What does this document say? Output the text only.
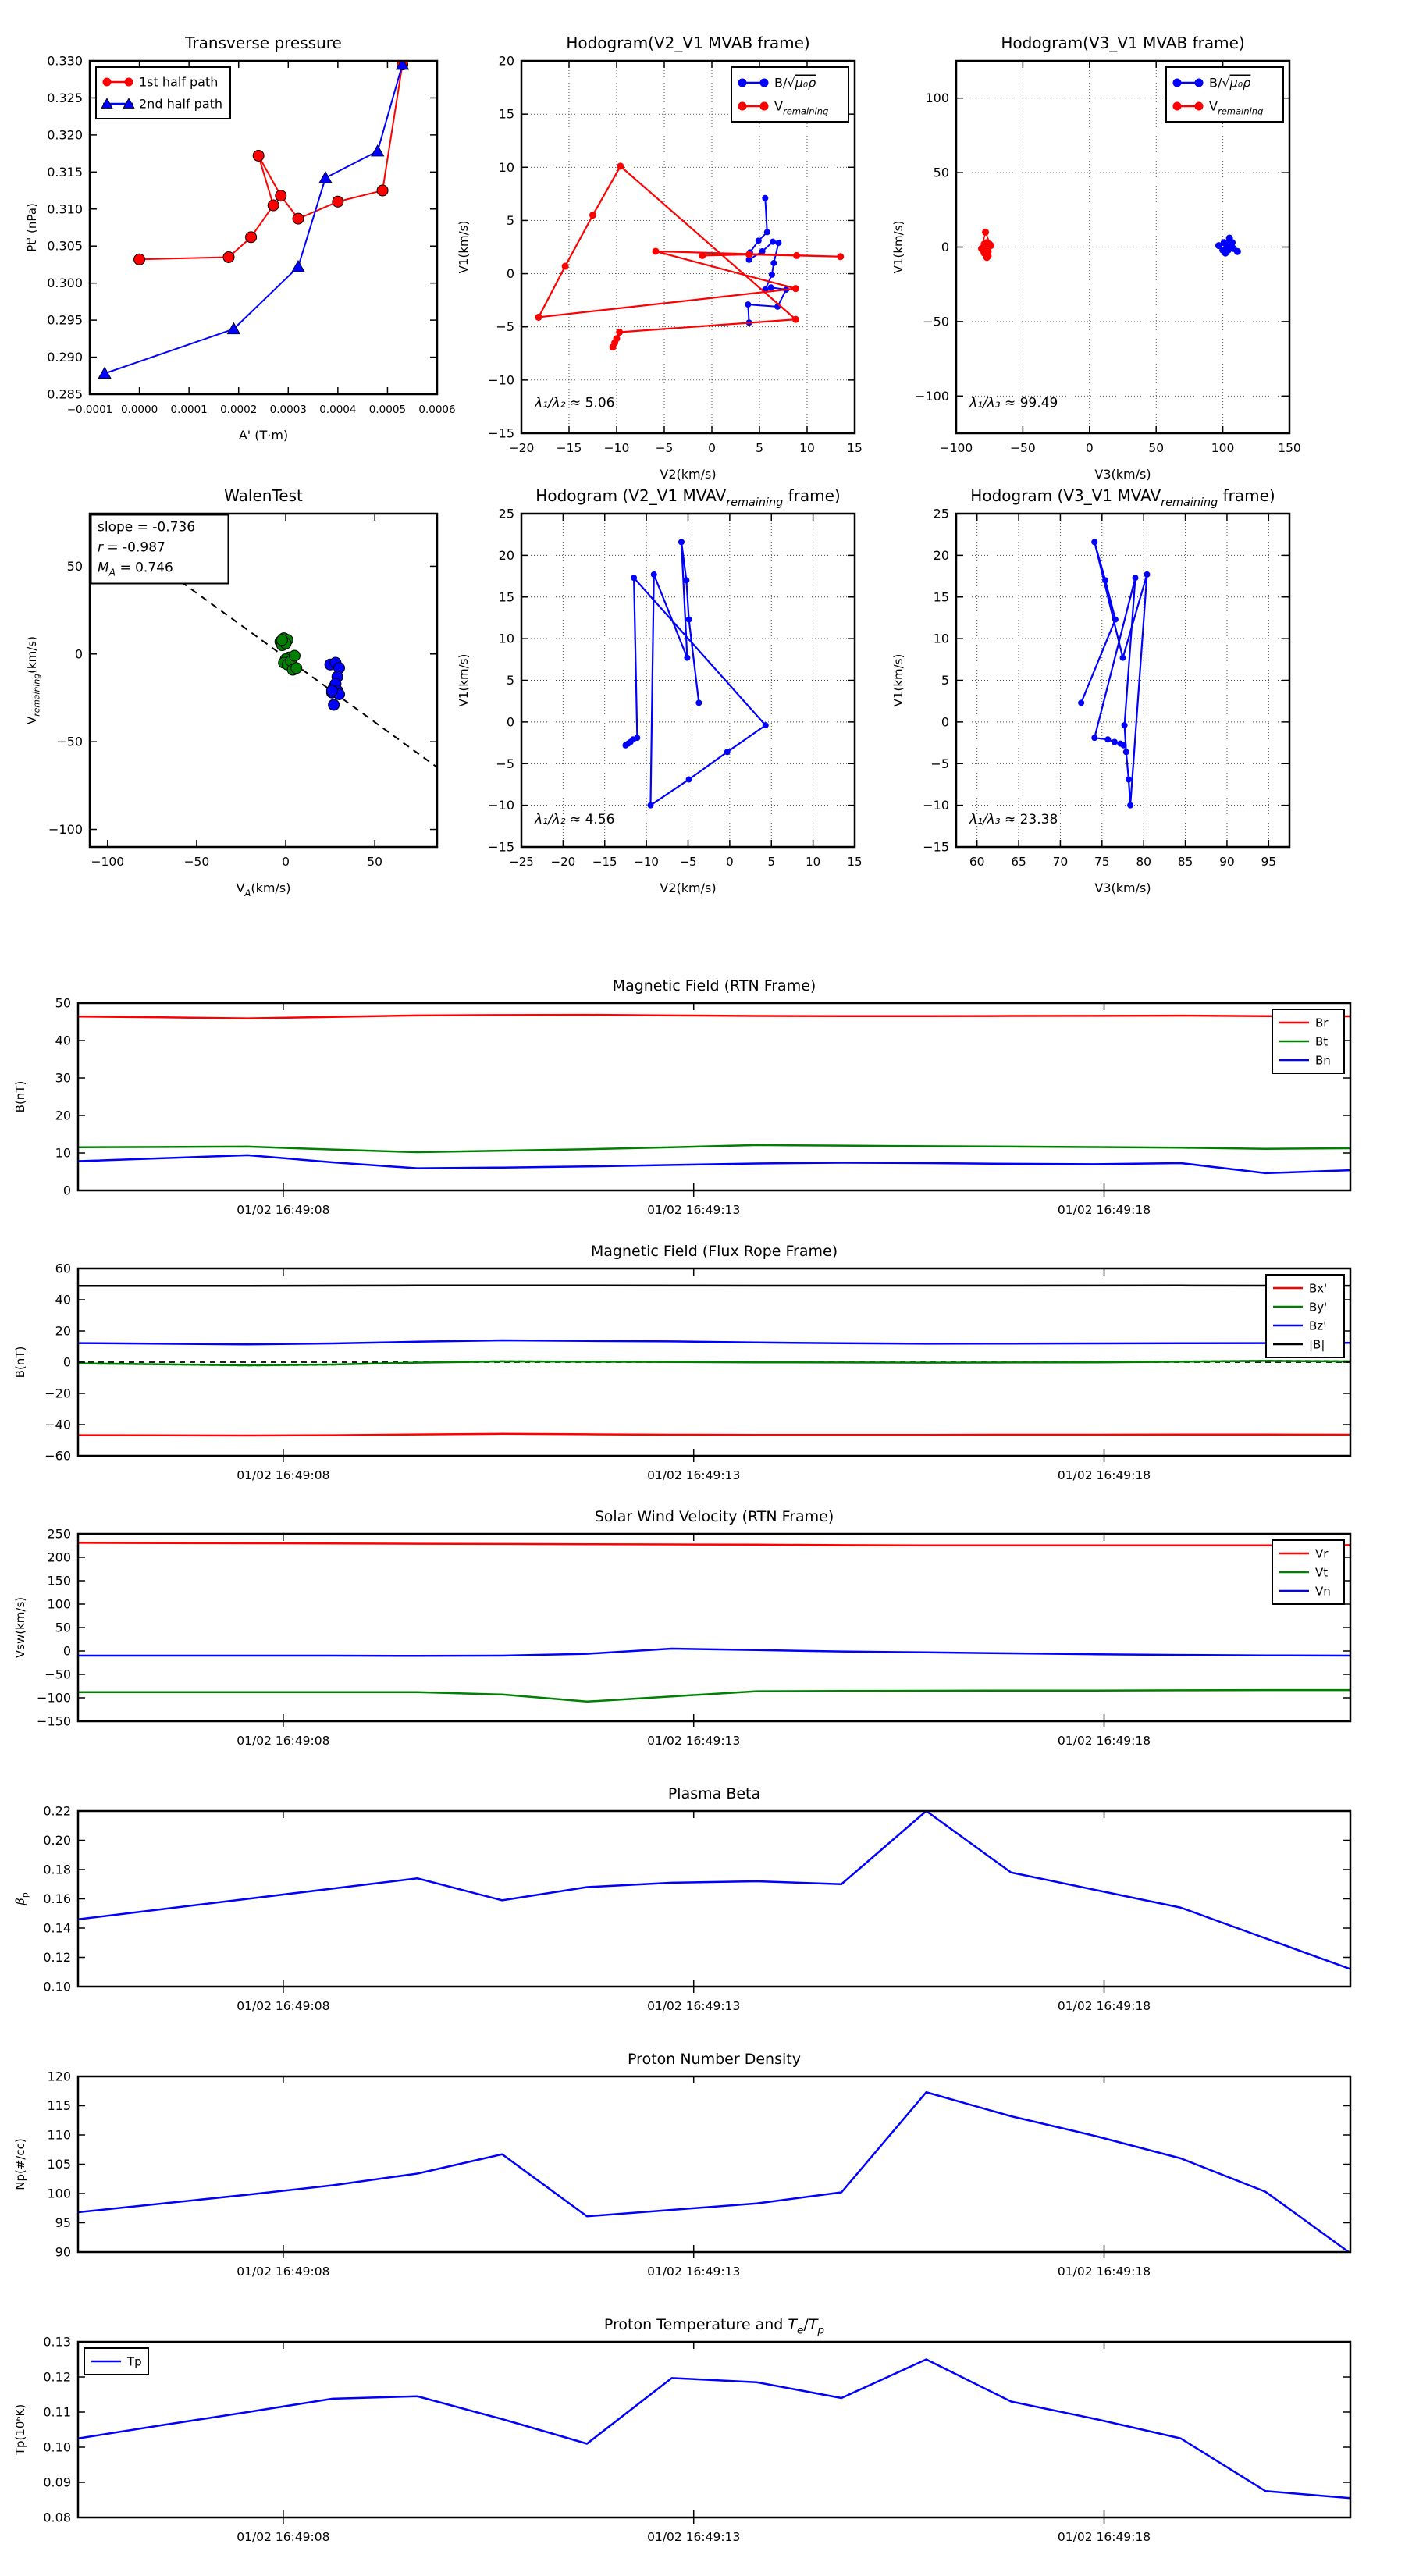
−0.0001 0.0000 0.0001 0.0002 0.0003 0.0004 0.0005 0.0006
0.285
0.290
0.295
0.300
0.305
0.310
0.315
0.320
0.325
0.330
Transverse pressure
A' (T·m)
Pt' (nPa)
1st half path
2nd half path
−20 −15 −10 −5	0	5	10	15
−15
−10
−5
0
5
10
15
20
Hodogram(V2_V1 MVAB frame)
V2(km/s)
V1(km/s)
λ₁/λ₂ ≈ 5.06
B/√μ₀ρ
$V_{remaining}$
−100	−50	0	50	100	150
−100
−50
0
50
100
Hodogram(V3_V1 MVAB frame)
V3(km/s)
V1(km/s)
λ₁/λ₃ ≈ 99.49
B/√μ₀ρ
$V_{remaining}$
−100	−50	0	50
−100
−50
0
50
WalenTest
$V_A(km/s)$
$V_{remaining}(km/s)$
slope = -0.736
r = -0.987
$M_A = 0.746$
−25 −20 −15 −10 −5	0	5	10 15
−15
−10
−5
0
5
10
15
20
25
Hodogram (V2_V1 $MVAV_{remaining}$ frame)
V2(km/s)
V1(km/s)
λ₁/λ₂ ≈ 4.56
60 65 70 75 80 85 90 95
−15
−10
−5
0
5
10
15
20
25
Hodogram (V3_V1 $MVAV_{remaining}$ frame)
V3(km/s)
V1(km/s)
λ₁/λ₃ ≈ 23.38
01/02 16:49:08	01/02 16:49:13	01/02 16:49:18
0
10
20
30
40
50
Magnetic Field (RTN Frame)
B(nT)
Br
Bt
Bn
01/02 16:49:08	01/02 16:49:13	01/02 16:49:18
−60
−40
−20
0
20
40
60
Magnetic Field (Flux Rope Frame)
B(nT)
Bx'
By'
Bz'
|B|
01/02 16:49:08	01/02 16:49:13	01/02 16:49:18
−150
−100
−50
0
50
100
150
200
250
Solar Wind Velocity (RTN Frame)
Vsw(km/s)
Vr
Vt
Vn
01/02 16:49:08	01/02 16:49:13	01/02 16:49:18
0.10
0.12
0.14
0.16
0.18
0.20
0.22
Plasma Beta
$\beta_p$
01/02 16:49:08	01/02 16:49:13	01/02 16:49:18
90
95
100
105
110
115
120
Proton Number Density
Np(#/cc)
01/02 16:49:08	01/02 16:49:13	01/02 16:49:18
0.08
0.09
0.10
0.11
0.12
0.13
Proton Temperature and $T_e/T_p$
Tp(10⁶K)
Tp
